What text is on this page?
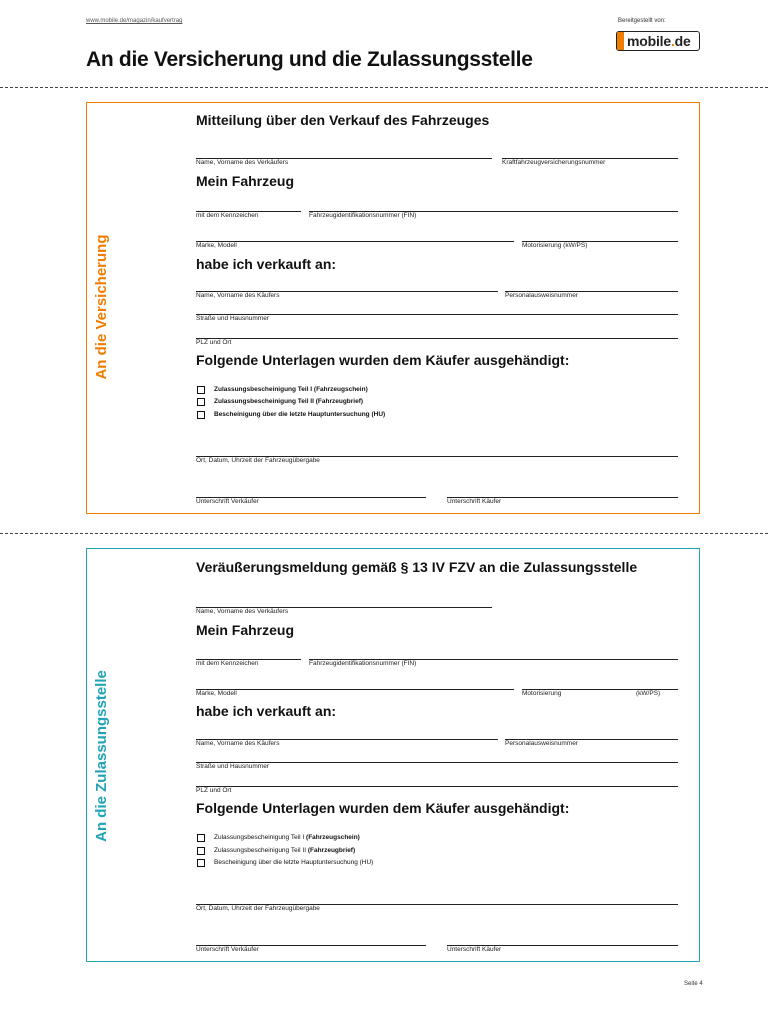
www.mobile.de/magazin/kaufvertrag	Bereitgestellt von:
mobile.de
An die Versicherung und die Zulassungsstelle
An die Versicherung
Mitteilung über den Verkauf des Fahrzeuges
Name, Vorname des Verkäufers	Kraftfahrzeugversicherungsnummer
Mein Fahrzeug
mit dem Kennzeichen	Fahrzeugidentifikationsnummer (FIN)
Marke, Modell	Motorisierung (kW/PS)
habe ich verkauft an:
Name, Vorname des Käufers	Personalausweisnummer
Straße und Hausnummer
PLZ und Ort
Folgende Unterlagen wurden dem Käufer ausgehändigt:
Zulassungsbescheinigung Teil I (Fahrzeugschein)
Zulassungsbescheinigung Teil II (Fahrzeugbrief)
Bescheinigung über die letzte Hauptuntersuchung (HU)
Ort, Datum, Uhrzeit der Fahrzeugübergabe
Unterschrift Verkäufer	Unterschrift Käufer
An die Zulassungsstelle
Veräußerungsmeldung gemäß § 13 IV FZV an die Zulassungsstelle
Name, Vorname des Verkäufers
Mein Fahrzeug
mit dem Kennzeichen	Fahrzeugidentifikationsnummer (FIN)
Marke, Modell	Motorisierung	(kW/PS)
habe ich verkauft an:
Name, Vorname des Käufers	Personalausweisnummer
Straße und Hausnummer
PLZ und Ort
Folgende Unterlagen wurden dem Käufer ausgehändigt:
Zulassungsbescheinigung Teil I (Fahrzeugschein)
Zulassungsbescheinigung Teil II (Fahrzeugbrief)
Bescheinigung über die letzte Hauptuntersuchung (HU)
Ort, Datum, Uhrzeit der Fahrzeugübergabe
Unterschrift Verkäufer	Unterschrift Käufer
Seite 4
